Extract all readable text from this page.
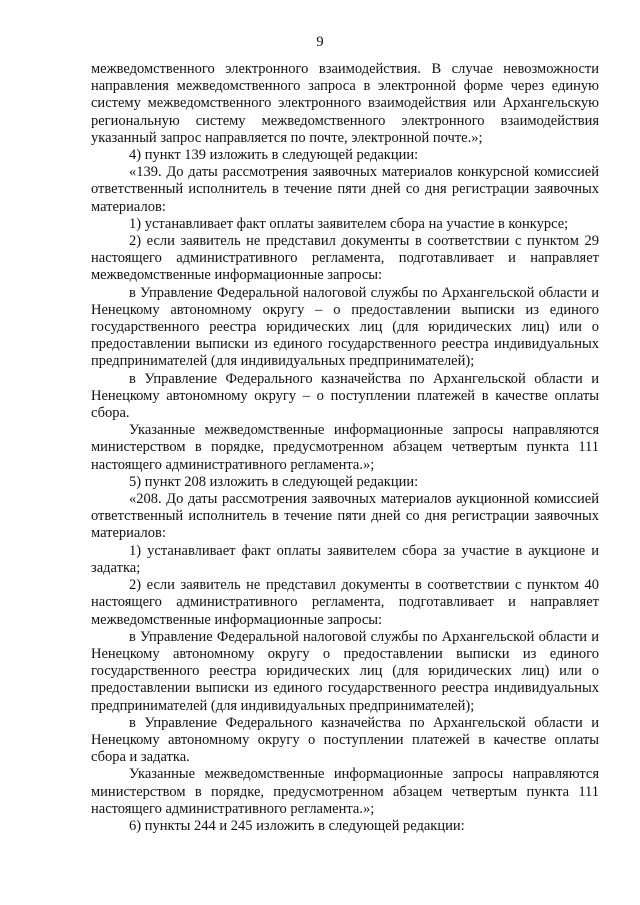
9

межведомственного электронного взаимодействия. В случае невозможности направления межведомственного запроса в электронной форме через единую систему межведомственного электронного взаимодействия или Архангельскую региональную систему межведомственного электронного взаимодействия указанный запрос направляется по почте, электронной почте.»;

4) пункт 139 изложить в следующей редакции:

«139. До даты рассмотрения заявочных материалов конкурсной комиссией ответственный исполнитель в течение пяти дней со дня регистрации заявочных материалов:

1) устанавливает факт оплаты заявителем сбора на участие в конкурсе;

2) если заявитель не представил документы в соответствии с пунктом 29 настоящего административного регламента, подготавливает и направляет межведомственные информационные запросы:

в Управление Федеральной налоговой службы по Архангельской области и Ненецкому автономному округу – о предоставлении выписки из единого государственного реестра юридических лиц (для юридических лиц) или о предоставлении выписки из единого государственного реестра индивидуальных предпринимателей (для индивидуальных предпринимателей);

в Управление Федерального казначейства по Архангельской области и Ненецкому автономному округу – о поступлении платежей в качестве оплаты сбора.

Указанные межведомственные информационные запросы направляются министерством в порядке, предусмотренном абзацем четвертым пункта 111 настоящего административного регламента.»;

5) пункт 208 изложить в следующей редакции:

«208. До даты рассмотрения заявочных материалов аукционной комиссией ответственный исполнитель в течение пяти дней со дня регистрации заявочных материалов:

1) устанавливает факт оплаты заявителем сбора за участие в аукционе и задатка;

2) если заявитель не представил документы в соответствии с пунктом 40 настоящего административного регламента, подготавливает и направляет межведомственные информационные запросы:

в Управление Федеральной налоговой службы по Архангельской области и Ненецкому автономному округу о предоставлении выписки из единого государственного реестра юридических лиц (для юридических лиц) или о предоставлении выписки из единого государственного реестра индивидуальных предпринимателей (для индивидуальных предпринимателей);

в Управление Федерального казначейства по Архангельской области и Ненецкому автономному округу о поступлении платежей в качестве оплаты сбора и задатка.

Указанные межведомственные информационные запросы направляются министерством в порядке, предусмотренном абзацем четвертым пункта 111 настоящего административного регламента.»;

6) пункты 244 и 245 изложить в следующей редакции:
